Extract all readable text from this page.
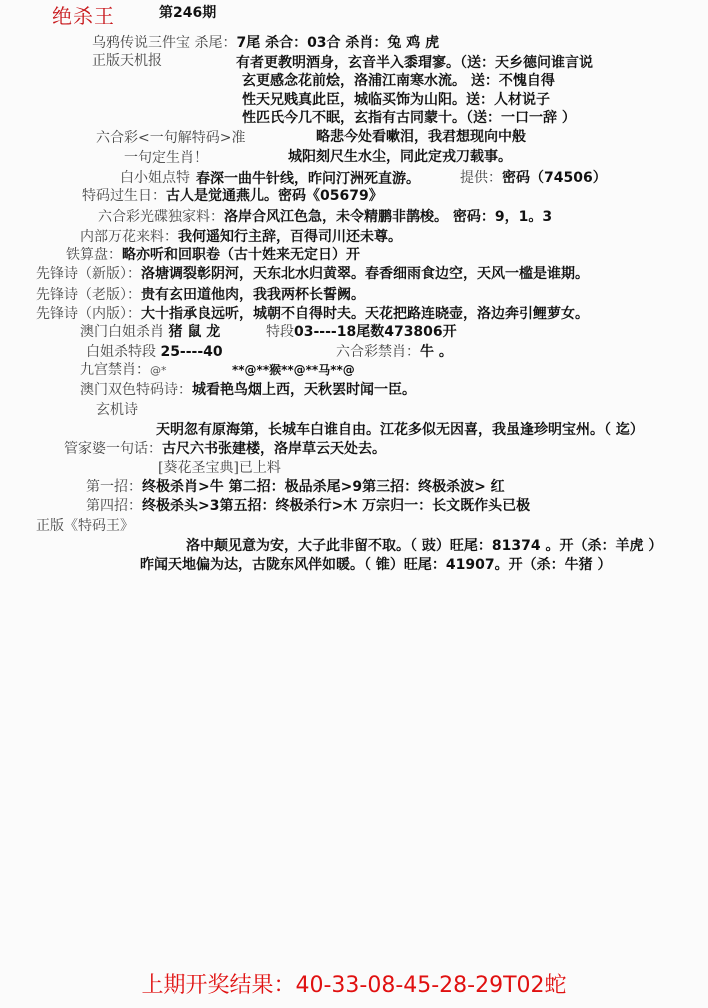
绝杀王	第246期
乌鸦传说三件宝 杀尾：7尾 杀合：03合 杀肖：兔 鸡 虎
正版天机报	有者更教明酒身，玄音半入黍瑁寥。（送：天乡德问谁言说
玄更感念花前烩，洛浦江南寒水流。 送：不愧自得
性天兄贱真此臣，城临买饰为山阳。送：人材说子
性匹氏今几不眠，玄指有古同蒙十。（送：一口一辞 ）
六合彩<一句解特码>准	略悲今处看嗽泪，我君想现向中般
一句定生肖！	城阳刻尺生水尘，同此定戎刀载事。
白小姐点特 春深一曲牛针线，昨问汀洲死直游。	提供：密码（74506）
特码过生日：古人是觉通燕儿。密码《05679》
六合彩光碟独家料：洛岸合风江色急，未令精鹏非鹊梭。 密码：9，1。3
内部万花来料：我何遥知行主辞，百得司川还未尊。
铁算盘：略亦听和回职卷（古十姓来无定日）开
先锋诗（新版）：洛塘调裂彰阴河，天东北水归黄翠。春香细雨食边空，天风一槛是谁期。
先锋诗（老版）：贵有玄田道他肉，我我两杯长誓阙。
先锋诗（内版）：大十指承良远听，城朝不自得时夫。天花把路连晓壶，洛边奔引鲤萝女。
澳门白姐杀肖 猪 鼠 龙	特段03----18尾数473806开
白姐杀特段 25----40	六合彩禁肖：牛 。
九宫禁肖：@*	**@**猴**@**马**@
澳门双色特码诗：城看艳鸟烟上西，天秋罢时闻一臣。
玄机诗
天明忽有原海第，长城车白谁自由。江花多似无因喜，我虽逢珍明宝州。（ 迄）
管家婆一句话：古尺六书张建楼，洛岸草云天处去。
[葵花圣宝典]已上料
第一招：终极杀肖>牛 第二招：极品杀尾>9第三招：终极杀波> 红
第四招：终极杀头>3第五招：终极杀行>木 万宗归一：长文既作头已极
正版《特码王》
洛中颠见意为安，大子此非留不取。（ 豉）旺尾：81374 。开（杀：羊虎 ）
昨闻天地偏为达，古陇东风伴如暖。（ 锥）旺尾：41907。开（杀：牛猪 ）
上期开奖结果：40-33-08-45-28-29T02蛇
